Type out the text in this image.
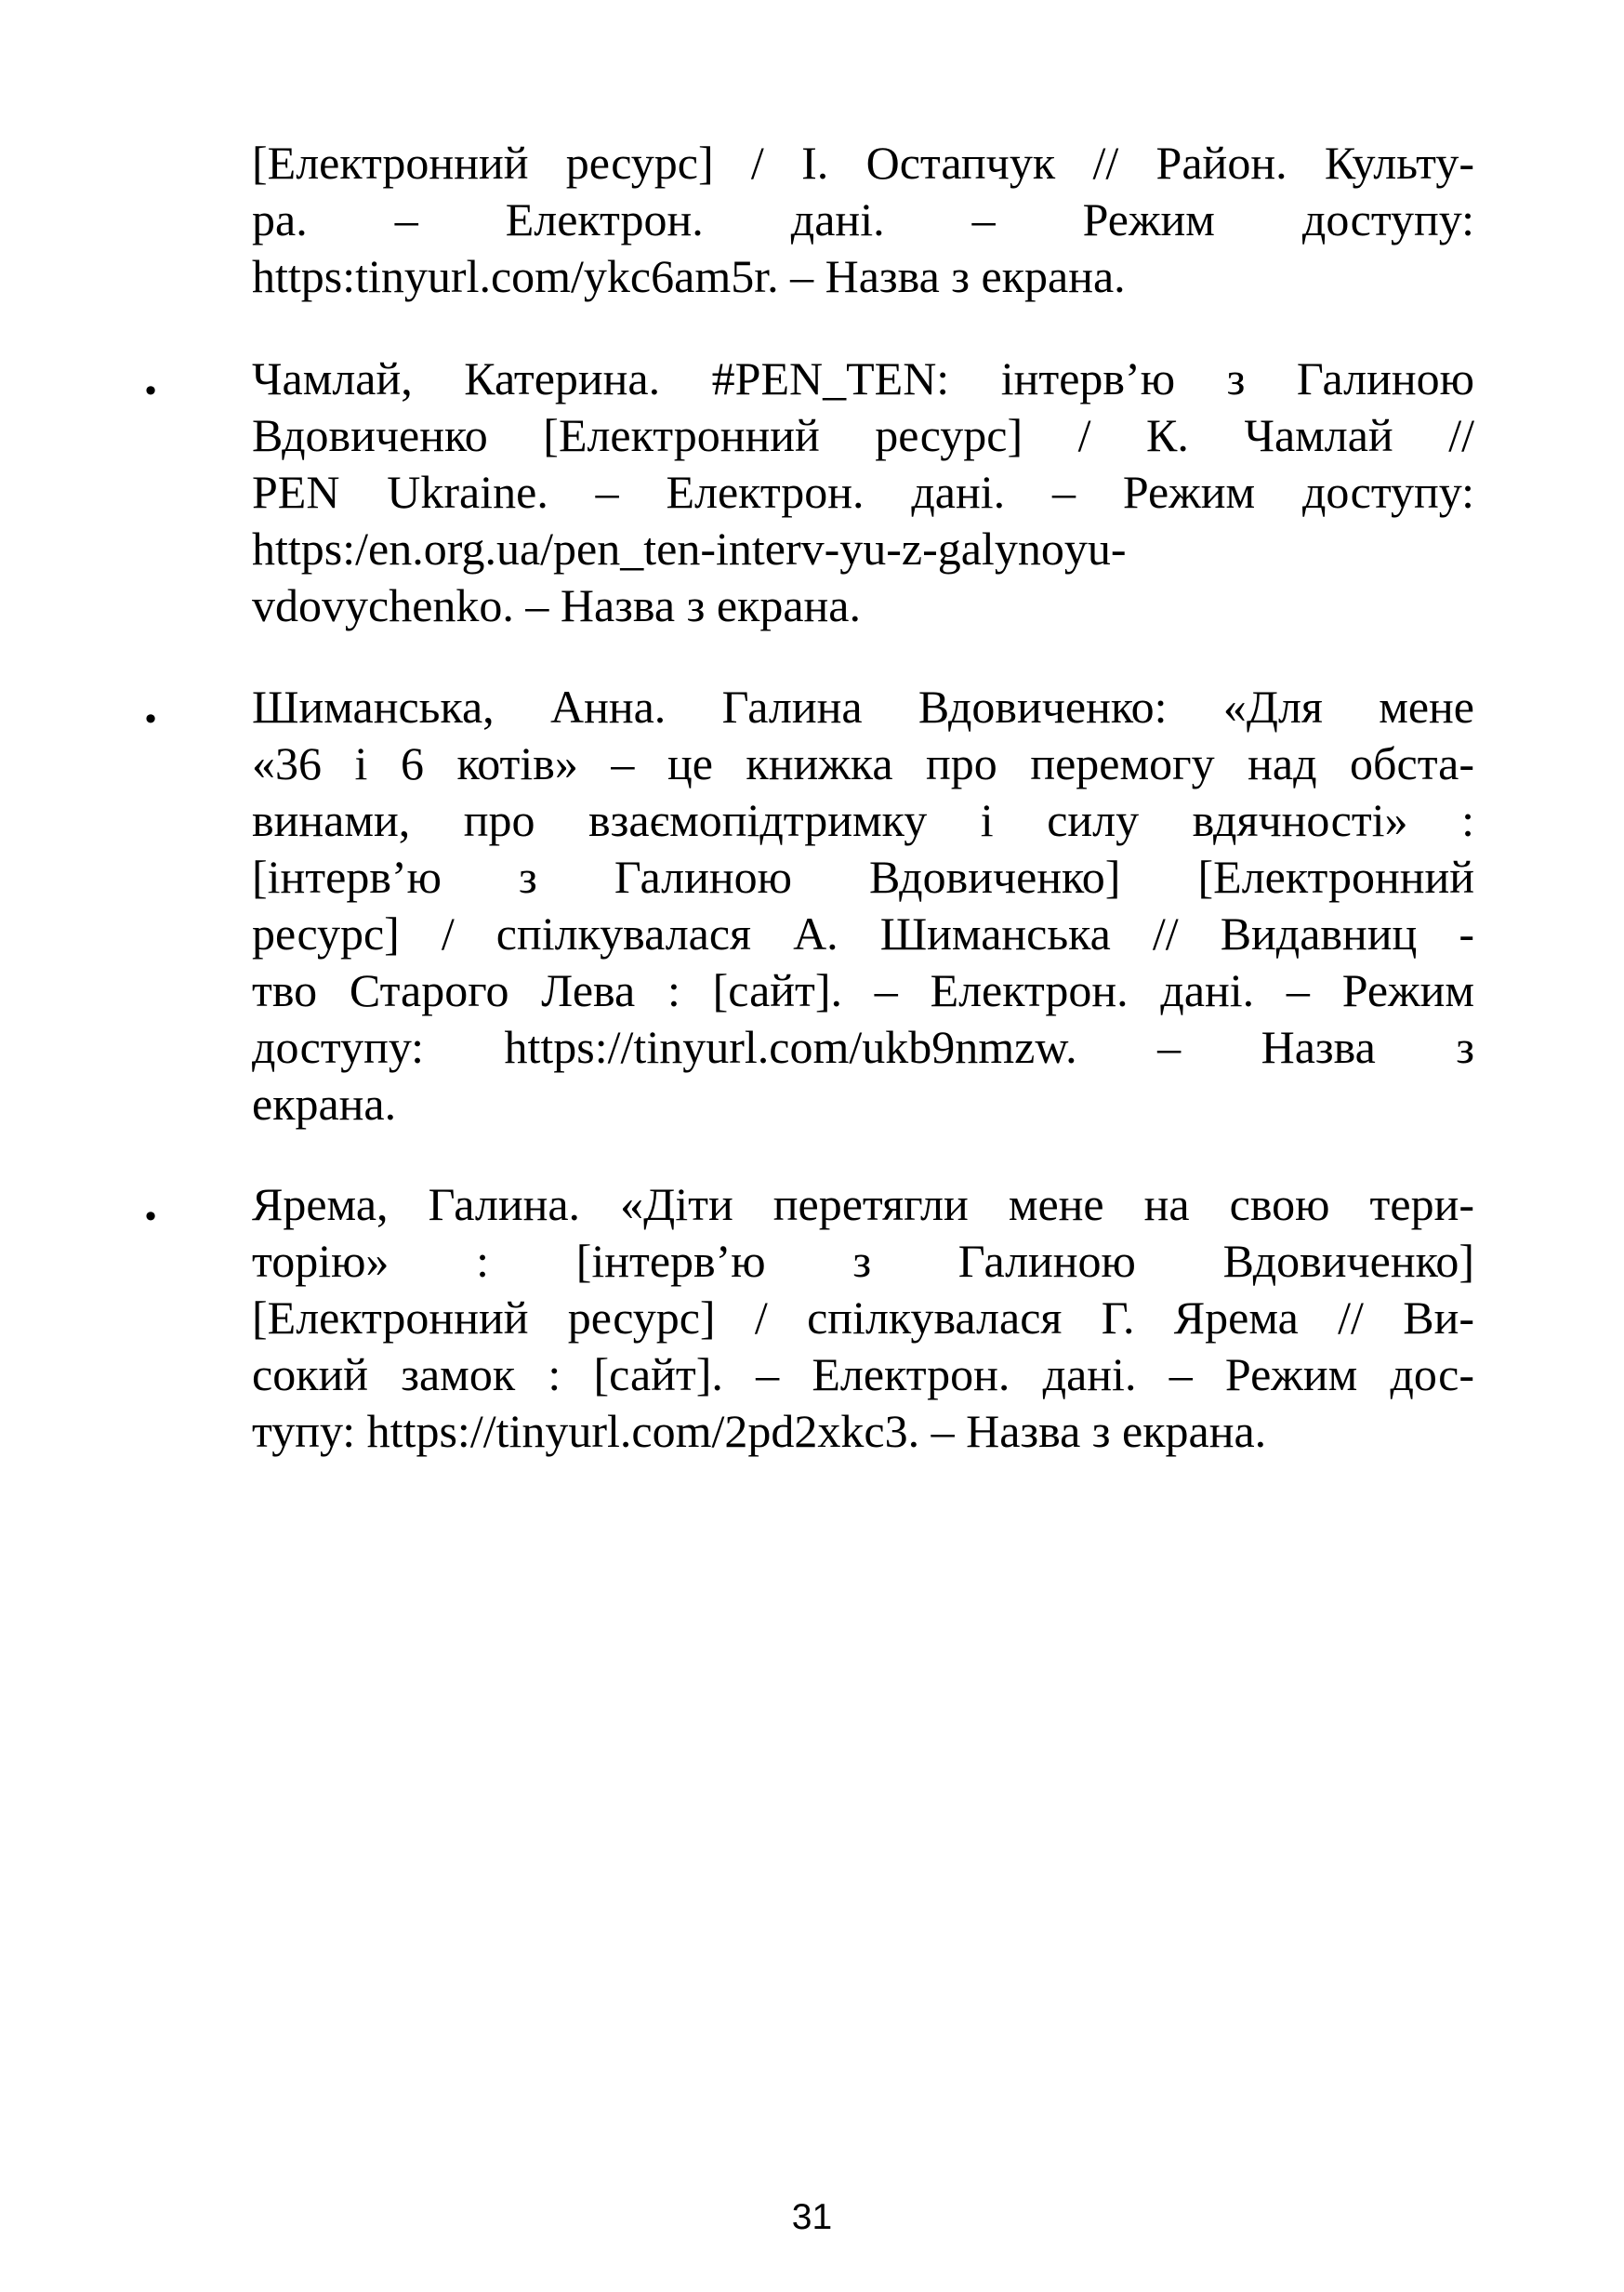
[Електронний ресурс] / І. Остапчук // Район. Культу-
ра. – Електрон. дані. – Режим доступу:
https:tinyurl.com/ykc6am5r. – Назва з екрана.
• Чамлай, Катерина. #PEN_TEN: інтерв’ю з Галиною
Вдовиченко [Електронний ресурс] / К. Чамлай //
PEN Ukraine. – Електрон. дані. – Режим доступу:
https:/en.org.ua/pen_ten-interv-yu-z-galynoyu-
vdovychenko. – Назва з екрана.
• Шиманська, Анна. Галина Вдовиченко: «Для мене
«36 і 6 котів» – це книжка про перемогу над обста-
винами, про взаємопідтримку і силу вдячності» :
[інтерв’ю з Галиною Вдовиченко] [Електронний
ресурс] / спілкувалася А. Шиманська // Видавниц -
тво Старого Лева : [сайт]. – Електрон. дані. – Режим
доступу: https://tinyurl.com/ukb9nmzw. – Назва з
екрана.
• Ярема, Галина. «Діти перетягли мене на свою тери-
торію» : [інтерв’ю з Галиною Вдовиченко]
[Електронний ресурс] / спілкувалася Г. Ярема // Ви-
сокий замок : [сайт]. – Електрон. дані. – Режим дос-
тупу: https://tinyurl.com/2pd2xkc3. – Назва з екрана.
31
